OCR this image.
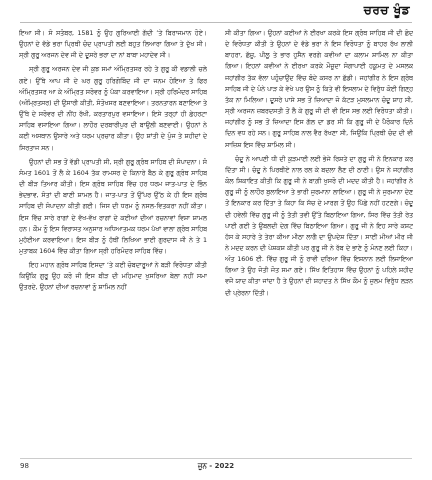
ਚਰਚ ਖੂੰਡ

ਇਆ ਸੀ। ਸੰ ਸਤੰਬਰ, 1581 ਨੂੰ ਉਹ ਗੁਰਿਆਈ ਗੱਦੀ ’ਤੇ ਬਿਰਾਜਮਾਨ ਹੋਏ। ਉਹਨਾਂ ਦੇ ਵੱਡੇ ਭਰਾ ਪ੍ਰਿਥੀ ਚੰਦ ਪ੍ਰਾਪਤੀ ਲਈ ਬਹੁਤ ਲਿਆਰਾ ਗਿਆ ਤੇ ਦੁੱਖ ਸੀ। ਸ੍ਰੀ ਗੁਰੂ ਅਰਜਨ ਦੇਵ ਜੀ ਦੇ ਦੂਸਰੇ ਭਰਾ ਦਾ ਨਾਂ ਬਾਬਾ ਮਹਾਦੇਵ ਸੀ।

ਸ੍ਰੀ ਗੁਰੂ ਅਰਜਨ ਦੇਵ ਜੀ ਕੁਝ ਸਮਾਂ ਅੰਮ੍ਰਿਤਸਰ ਰਹੇ ਤੇ ਗੁਰੂ ਕੀ ਵਡਾਲੀ ਚਲੇ ਗਏ। ਉੱਥੇ ਆਪ ਜੀ ਦੇ ਘਰ ਗੁਰੂ ਹਰਿਗੋਬਿੰਦ ਜੀ ਦਾ ਜਨਮ ਹੋਇਆ ਤੇ ਫਿਰ ਅੰਮ੍ਰਿਤਸਰ ਆ ਕੇ ਅੰਮ੍ਰਿਤ ਸਰੋਵਰ ਨੂੰ ਪੱਕਾ ਕਰਵਾਇਆ। ਸ੍ਰੀ ਹਰਿਮੰਦਰ ਸਾਹਿਬ (ਅੰਮ੍ਰਿਤਸਰ) ਦੀ ਉਸਾਰੀ ਕੀਤੀ, ਸੰਤੋਖਸਰ ਬਣਵਾਇਆ। ਤਰਨਤਾਰਨ ਬਣਾਇਆ ਤੇ ਉੱਥੇ ਦੇ ਸਰੋਵਰ ਦੀ ਨੀਂਹ ਰੱਖੀ, ਕਰਤਾਰਪੁਰ ਵਸਾਇਆ। ਇਸੇ ਤਰ੍ਹਾਂ ਹੀ ਛੇਹਰਟਾ ਸਾਹਿਬ ਵਸਾਇਆ ਗਿਆ। ਲਾਹੌਰ ਦਰਬਾਰੀਪੁਰ ਦੀ ਬਾਉਲੀ ਬਣਵਾਈ। ਉਹਨਾਂ ਨੇ ਕਈ ਅਸਥਾਨ ਉਸਾਰੇ ਅਤੇ ਧਰਮ ਪ੍ਰਚਾਰ ਕੀਤਾ। ਉਹ ਸ਼ਾਂਤੀ ਦੇ ਪੁੰਜ ਤੇ ਸ਼ਹੀਦਾਂ ਦੇ ਸਿਰਤਾਜ ਸਨ।

ਉਹਨਾਂ ਦੀ ਸਭ ਤੋਂ ਵੱਡੀ ਪ੍ਰਾਪਤੀ ਸੀ, ਸ੍ਰੀ ਗੁਰੂ ਗ੍ਰੰਥ ਸਾਹਿਬ ਦੀ ਸੰਪਾਦਨਾ। ਸੰ ਸੰਮਤ 1601 ਤੋਂ ਲੈ ਕੇ 1604 ਤੱਕ ਰਾਮਸਰ ਦੇ ਕਿਨਾਰੇ ਬੈਠ ਕੇ ਗੁਰੂ ਗ੍ਰੰਥ ਸਾਹਿਬ ਦੀ ਬੀੜ ਤਿਆਰ ਕੀਤੀ। ਇਸ ਗ੍ਰੰਥ ਸਾਹਿਬ ਵਿੱਚ ਹਰ ਧਰਮ ਜਾਤ-ਪਾਤ ਦੇ ਭਿੰਨ ਭੇਦਭਾਵ, ਸੰਤਾਂ ਦੀ ਬਾਣੀ ਸ਼ਾਮਲ ਹੈ। ਜਾਤ-ਪਾਤ ਤੋਂ ਉੱਪਰ ਉੱਠ ਕੇ ਹੀ ਇਸ ਗ੍ਰੰਥ ਸਾਹਿਬ ਦੀ ਸੰਪਾਦਨਾ ਕੀਤੀ ਗਈ। ਜਿਸ ਦੀ ਧਰਮ ਨੂੰ ਨਸਲ-ਵਿਤਕਰਾ ਨਹੀਂ ਕੀਤਾ। ਇਸ ਵਿੱਚ ਸਾਰੇ ਰਾਗਾਂ ਦੇ ਵੱਖ-ਵੱਖ ਰਾਗਾਂ ਦੇ ਕਈਆਂ ਦੀਆਂ ਰਚਨਾਵਾਂ ਵਿਸ਼ਾ ਸ਼ਾਮਲ ਹਨ। ਕੌਮ ਨੂੰ ਇਸ ਵਿਰਾਸਤ ਅਨੁਸਾਰ ਅਧਿਆਤਮਕ ਧਰਮ ਪੱਖਾਂ ਵਾਲਾ ਗ੍ਰੰਥ ਸਾਹਿਬ ਮੁਹੱਈਆ ਕਰਵਾਇਆ। ਇਸ ਬੀੜ ਨੂੰ ਹੱਥੀਂ ਲਿਖਿਆ ਭਾਈ ਗੁਰਦਾਸ ਜੀ ਨੇ ਤੇ 1 ਮੁਤਾਬਕ 1604 ਵਿੱਚ ਕੀਤਾ ਗਿਆ ਸ੍ਰੀ ਹਰਿਮੰਦਰ ਸਾਹਿਬ ਵਿੱਚ।

ਇਹ ਮਹਾਨ ਗ੍ਰੰਥ ਸਾਹਿਬ ਇਸਦਾ ‘ਤੇ ਕਈ ਚੋਬਦਾਰੂਆਂ ਨੇ ਬੜੀ ਵਿਰੋਧਤਾ ਕੀਤੀ ਕਿਉਂਕਿ ਗੁਰੂ ਉਹ ਕਰੋ ਜੀ ਇਸ ਬੀੜ ਦੀ ਮਹਿਮਾਦ ਖੁਸਰਿਆ ਬੇਲਾ ਨਹੀਂ ਸਮਾ ਉਤਰਦੇ, ਉਹਨਾਂ ਦੀਆਂ ਰਚਨਾਵਾਂ ਨੂੰ ਸ਼ਾਮਿਲ ਨਹੀਂ

ਸੀ ਕੀਤਾ ਗਿਆ। ਉਹਨਾਂ ਕਈਆਂ ਨੇ ਈਰਖਾ ਕਰਕੇ ਇਸ ਗ੍ਰੰਥ ਸਾਹਿਬ ਜੀ ਦੀ ਛੰਦ ਦੇ ਵਿਰੋਧਤਾ ਕੀਤੀ ਤੇ ਉਹਨਾਂ ਦੇ ਵੱਡੇ ਭਰਾ ਨੇ ਇਸ ਵਿਰੋਧਤਾ ਨੂੰ ਬਾਹਰ ਰੱਖ ਲਾਲੀ ਬਾਹਰਾ, ਛੱਜੂ, ਪੀਲੂ ਤੇ ਭਾਰ ਹੁਸੈਨ ਵਰਗੇ ਕਵੀਆਂ ਦਾ ਕਲਾਮ ਸ਼ਾਮਿਲ ਨਾ ਕੀਤਾ ਗਿਆ। ਇਹਨਾਂ ਕਵੀਆਂ ਨੇ ਈਰਖਾ ਕਰਕੇ ਮੌਜੂਦਾ ਸੰਗਾਪਾਈ ਹਕੂਮਤ ਦੇ ਮਸਲਕ ਜਹਾਂਗੀਰ ਤੱਕ ਵੱਲਾ ਪਹੁੰਚਾਉਂਦ ਵਿੱਚ ਬੰਦੇ ਕਸਰ ਨਾ ਛੱਡੀ। ਜਹਾਂਗੀਰ ਨੇ ਇਸ ਗ੍ਰੰਥ ਸਾਹਿਬ ਜੀ ਦੇ ਪੰਨੇ ਪਾੜ ਕੇ ਵੇਖੇ ਪਰ ਉਸ ਨੂੰ ਕਿਤੇ ਵੀ ਇਸਲਾਮ ਦੇ ਵਿਰੁੱਧ ਕੋਈ ਗਿਣ੍ਹ ਤੱਕ ਨਾ ਮਿਲਿਆ। ਦੂਸਰੇ ਪਾਸੇ ਸਭ ਤੋਂ ਜ਼ਿਆਦਾ ਜੋ ਕੱਟੜ ਮੁਸਲਮਾਨ ਚੰਦੂ ਸ਼ਾਹ ਸੀ, ਸ੍ਰੀ ਅਰਜਨ ਜ਼ਬਰਦਸਤੀ ਤੋਂ ਲੈ ਕੇ ਗੁਰੂ ਜੀ ਦੀ ਵੀ ਇਸ ਸਭ ਲਈ ਵਿਰੋਧਤਾ ਕੀਤੀ। ਜਹਾਂਗੀਰ ਨੂੰ ਸਭ ਤੋਂ ਜ਼ਿਆਦਾ ਇਸ ਗੱਲ ਦਾ ਡਰ ਸੀ ਕਿ ਗੁਰੂ ਜੀ ਦੇ ਪੈਰੋਕਾਰ ਦਿਨੋ ਦਿਨ ਵਧ ਰਹੇ ਸਨ। ਗੁਰੂ ਸਾਹਿਬ ਨਾਲ ਵੈਰ ਰੱਖਣਾ ਸੀ, ਜਿਉਂਕਿ ਪ੍ਰਿਥੀ ਚੰਦ ਦੀ ਵੀ ਸਾਜ਼ਿਸ਼ ਇਸ ਵਿੱਚ ਸ਼ਾਮਿਲ ਸੀ।

ਚੰਦੂ ਨੇ ਆਪਣੀ ਧੀ ਦੀ ਕੁੜਮਾਈ ਲਈ ਭੇਜੇ ਰਿਸ਼ਤੇ ਦਾ ਗੁਰੂ ਜੀ ਨੇ ਇਨਕਾਰ ਕਰ ਦਿੱਤਾ ਸੀ। ਚੰਦੂ ਨੇ ਪਿਰਥੀਏ ਨਾਲ ਰਲ ਕੇ ਬਦਲਾ ਲੈਣ ਦੀ ਠਾਣੀ। ਉਸ ਨੇ ਜਹਾਂਗੀਰ ਕੋਲ ਸ਼ਿਕਾਇਤ ਕੀਤੀ ਕਿ ਗੁਰੂ ਜੀ ਨੇ ਬਾਗ਼ੀ ਖੁਸਰੋ ਦੀ ਮਦਦ ਕੀਤੀ ਹੈ। ਜਹਾਂਗੀਰ ਨੇ ਗੁਰੂ ਜੀ ਨੂੰ ਲਾਹੌਰ ਬੁਲਾਇਆ ਤੇ ਭਾਰੀ ਜੁਰਮਾਨਾ ਲਾਇਆ। ਗੁਰੂ ਜੀ ਨੇ ਜੁਰਮਾਨਾ ਦੇਣ ਤੋਂ ਇਨਕਾਰ ਕਰ ਦਿੱਤਾ ਤੇ ਕਿਹਾ ਕਿ ਸੱਚ ਦੇ ਮਾਰਗ ਤੋਂ ਉਹ ਪਿੱਛੇ ਨਹੀਂ ਹਟਣਗੇ। ਚੰਦੂ ਦੀ ਹਵੇਲੀ ਵਿੱਚ ਗੁਰੂ ਜੀ ਨੂੰ ਤੱਤੀ ਤਵੀ ਉੱਤੇ ਬਿਠਾਇਆ ਗਿਆ, ਸਿਰ ਵਿੱਚ ਤੱਤੀ ਰੇਤ ਪਾਈ ਗਈ ਤੇ ਉਬਲਦੀ ਦੇਗ ਵਿੱਚ ਬਿਠਾਇਆ ਗਿਆ। ਗੁਰੂ ਜੀ ਨੇ ਇਹ ਸਾਰੇ ਕਸ਼ਟ ਹੱਸ ਕੇ ਸਹਾਰੇ ਤੇ ਤੇਰਾ ਕੀਆ ਮੀਠਾ ਲਾਗੈ ਦਾ ਉਪਦੇਸ਼ ਦਿੱਤਾ। ਸਾਈਂ ਮੀਆਂ ਮੀਰ ਜੀ ਨੇ ਮਦਦ ਕਰਨ ਦੀ ਪੇਸ਼ਕਸ਼ ਕੀਤੀ ਪਰ ਗੁਰੂ ਜੀ ਨੇ ਰੱਬ ਦੇ ਭਾਣੇ ਨੂੰ ਮੰਨਣ ਲਈ ਕਿਹਾ। ਅੰਤ 1606 ਈ. ਵਿੱਚ ਗੁਰੂ ਜੀ ਨੂੰ ਰਾਵੀ ਦਰਿਆ ਵਿੱਚ ਇਸ਼ਨਾਨ ਲਈ ਲਿਜਾਇਆ ਗਿਆ ਤੇ ਉਹ ਜੋਤੀ ਜੋਤ ਸਮਾ ਗਏ। ਸਿੱਖ ਇਤਿਹਾਸ ਵਿੱਚ ਉਹਨਾਂ ਨੂੰ ਪਹਿਲੇ ਸ਼ਹੀਦ ਵਜੋਂ ਯਾਦ ਕੀਤਾ ਜਾਂਦਾ ਹੈ ਤੇ ਉਹਨਾਂ ਦੀ ਸ਼ਹਾਦਤ ਨੇ ਸਿੱਖ ਕੌਮ ਨੂੰ ਜ਼ੁਲਮ ਵਿਰੁੱਧ ਲੜਨ ਦੀ ਪ੍ਰੇਰਨਾ ਦਿੱਤੀ।

98	ਜੂਨ - 2022
